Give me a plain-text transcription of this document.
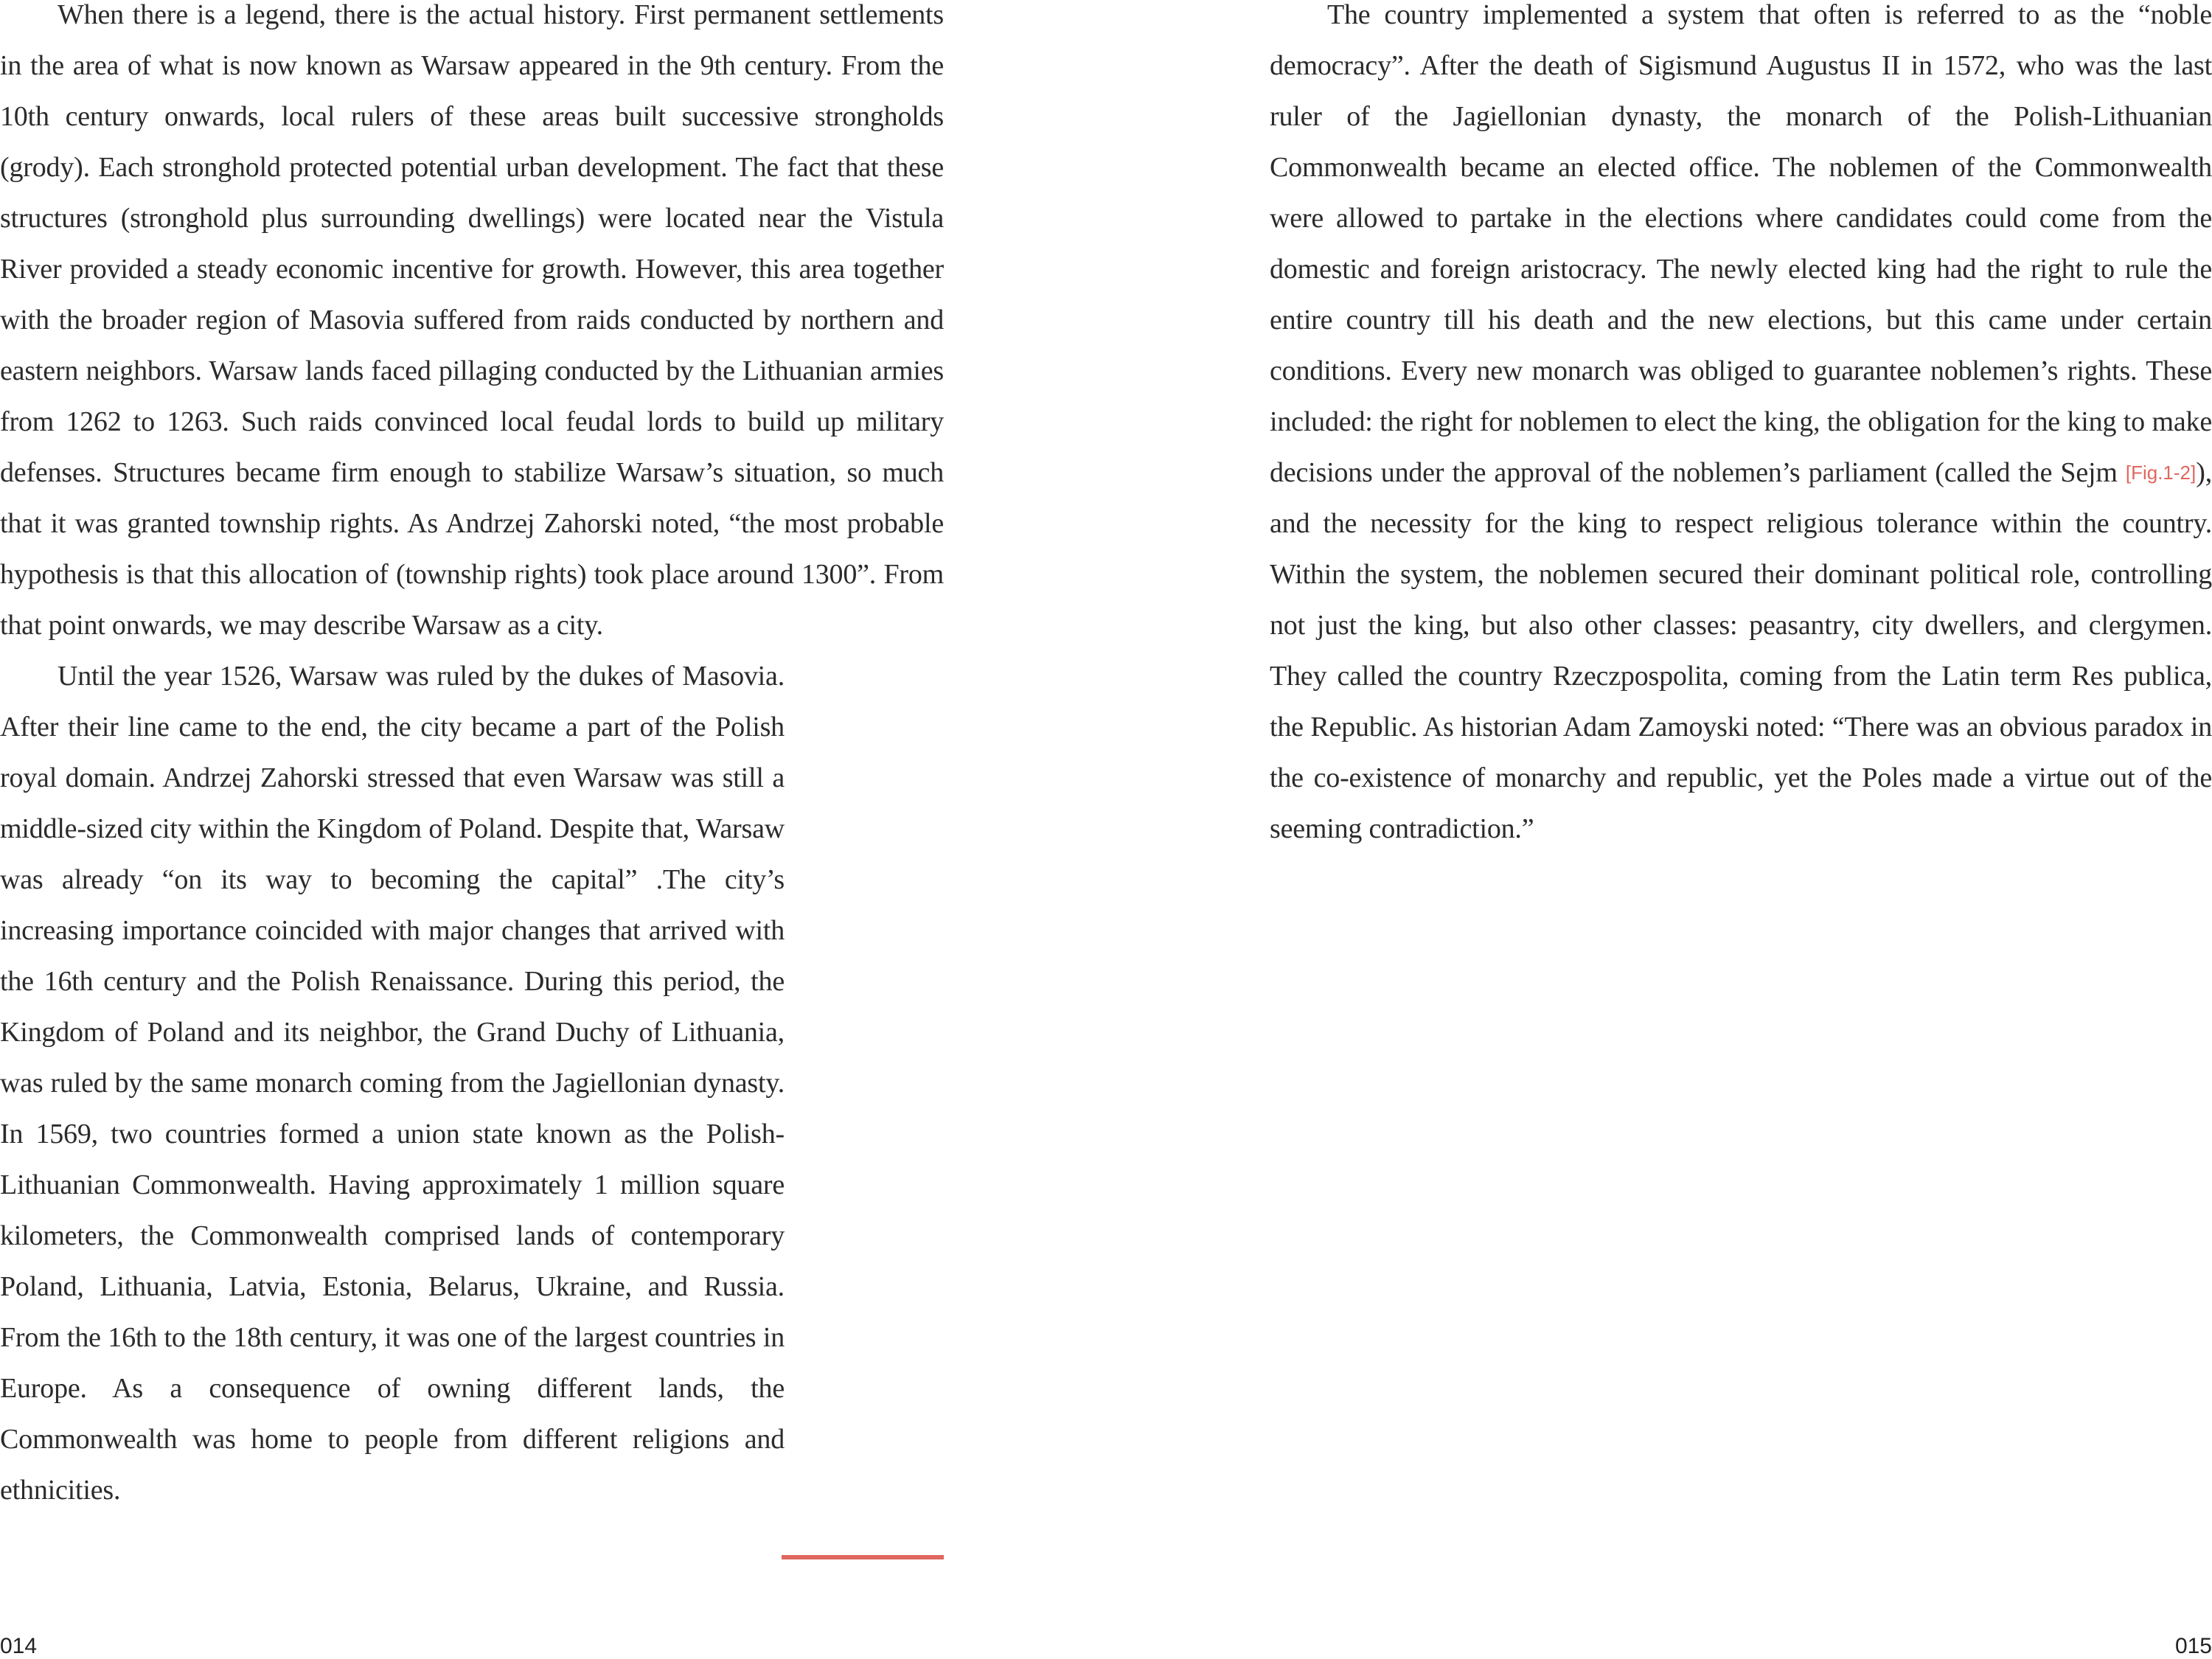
When there is a legend, there is the actual history. First permanent settlements in the area of what is now known as Warsaw appeared in the 9th century. From the 10th century onwards, local rulers of these areas built successive strongholds (grody). Each stronghold protected potential urban development. The fact that these structures (stronghold plus surrounding dwellings) were located near the Vistula River provided a steady economic incentive for growth. However, this area together with the broader region of Masovia suffered from raids conducted by northern and eastern neighbors. Warsaw lands faced pillaging conducted by the Lithuanian armies from 1262 to 1263. Such raids convinced local feudal lords to build up military defenses. Structures became firm enough to stabilize Warsaw’s situation, so much that it was granted township rights. As Andrzej Zahorski noted, “the most probable hypothesis is that this allocation of (township rights) took place around 1300”. From that point onwards, we may describe Warsaw as a city.

Until the year 1526, Warsaw was ruled by the dukes of Masovia. After their line came to the end, the city became a part of the Polish royal domain. Andrzej Zahorski stressed that even Warsaw was still a middle-sized city within the Kingdom of Poland. Despite that, Warsaw was already “on its way to becoming the capital” .The city’s increasing importance coincided with major changes that arrived with the 16th century and the Polish Renaissance. During this period, the Kingdom of Poland and its neighbor, the Grand Duchy of Lithuania, was ruled by the same monarch coming from the Jagiellonian dynasty. In 1569, two countries formed a union state known as the Polish-Lithuanian Commonwealth. Having approximately 1 million square kilometers, the Commonwealth comprised lands of contemporary Poland, Lithuania, Latvia, Estonia, Belarus, Ukraine, and Russia. From the 16th to the 18th century, it was one of the largest countries in Europe. As a consequence of owning different lands, the Commonwealth was home to people from different religions and ethnicities.

The country implemented a system that often is referred to as the “noble democracy”. After the death of Sigismund Augustus II in 1572, who was the last ruler of the Jagiellonian dynasty, the monarch of the Polish-Lithuanian Commonwealth became an elected office. The noblemen of the Commonwealth were allowed to partake in the elections where candidates could come from the domestic and foreign aristocracy. The newly elected king had the right to rule the entire country till his death and the new elections, but this came under certain conditions. Every new monarch was obliged to guarantee noblemen’s rights. These included: the right for noblemen to elect the king, the obligation for the king to make decisions under the approval of the noblemen’s parliament (called the Sejm [Fig.1-2]), and the necessity for the king to respect religious tolerance within the country. Within the system, the noblemen secured their dominant political role, controlling not just the king, but also other classes: peasantry, city dwellers, and clergymen. They called the country Rzeczpospolita, coming from the Latin term Res publica, the Republic. As historian Adam Zamoyski noted: “There was an obvious paradox in the co-existence of monarchy and republic, yet the Poles made a virtue out of the seeming contradiction.”

014	015
